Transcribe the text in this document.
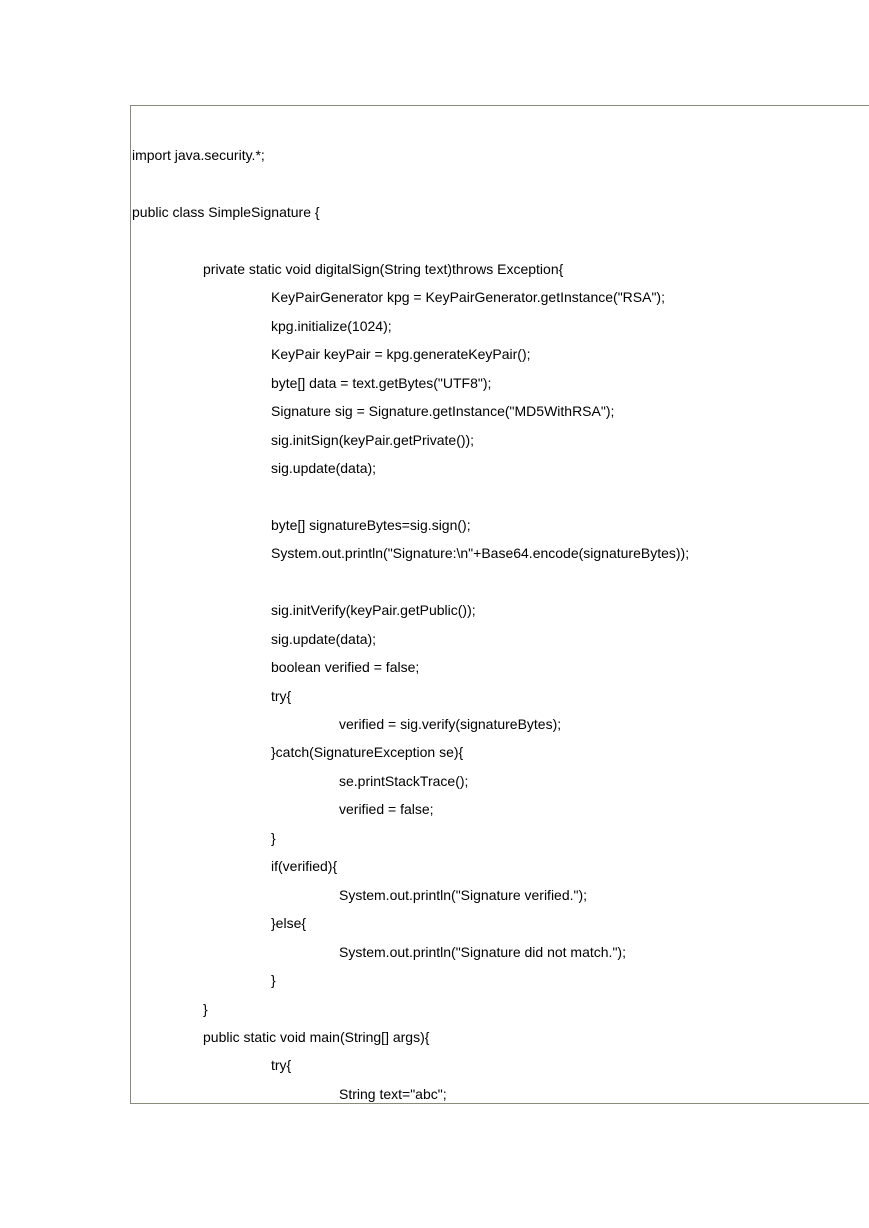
import java.security.*;

public class SimpleSignature {

private static void digitalSign(String text)throws Exception{

KeyPairGenerator kpg = KeyPairGenerator.getInstance("RSA");

kpg.initialize(1024);

KeyPair keyPair = kpg.generateKeyPair();

byte[] data = text.getBytes("UTF8");

Signature sig = Signature.getInstance("MD5WithRSA");

sig.initSign(keyPair.getPrivate());

sig.update(data);

byte[] signatureBytes=sig.sign();

System.out.println("Signature:\n"+Base64.encode(signatureBytes));

sig.initVerify(keyPair.getPublic());

sig.update(data);

boolean verified = false;

try{

verified = sig.verify(signatureBytes);

}catch(SignatureException se){

se.printStackTrace();

verified = false;

}

if(verified){

System.out.println("Signature verified.");

}else{

System.out.println("Signature did not match.");

}

}

public static void main(String[] args){

try{

String text="abc";
